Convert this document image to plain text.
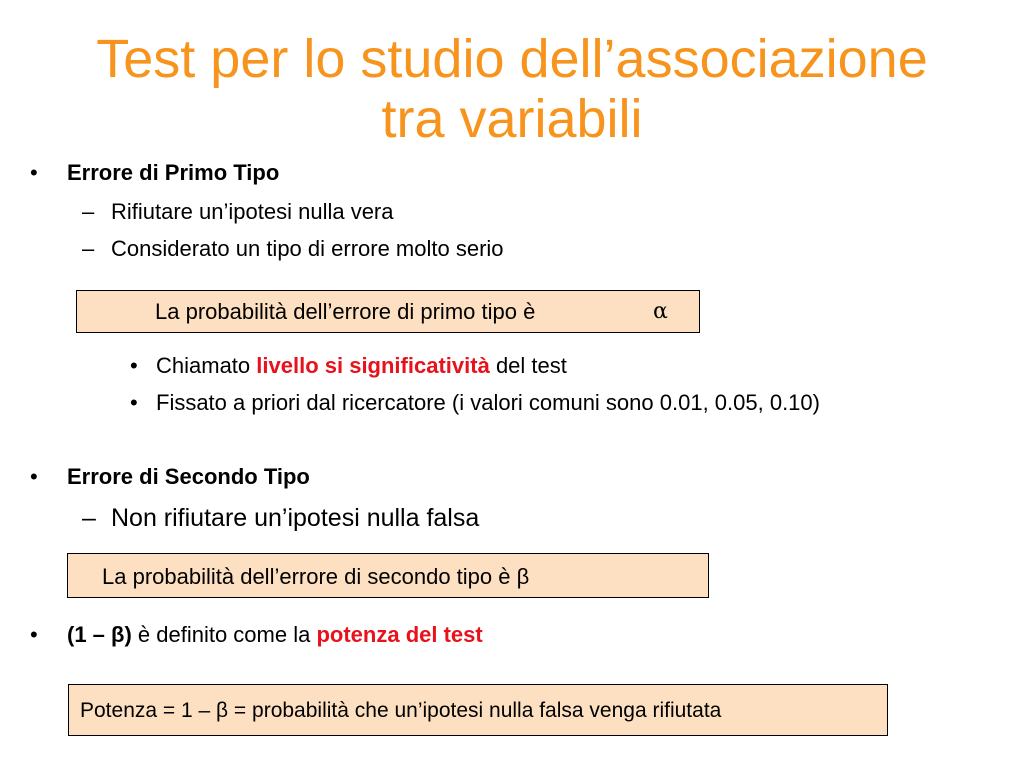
Test per lo studio dell’associazione
tra variabili
• Errore di Primo Tipo
– Rifiutare un’ipotesi nulla vera
– Considerato un tipo di errore molto serio
La probabilità dell’errore di primo tipo è	α
• Chiamato livello si significatività del test
• Fissato a priori dal ricercatore (i valori comuni sono 0.01, 0.05, 0.10)
• Errore di Secondo Tipo
– Non rifiutare un’ipotesi nulla falsa
La probabilità dell’errore di secondo tipo è β
• (1 – β) è definito come la potenza del test
Potenza = 1 – β = probabilità che un’ipotesi nulla falsa venga rifiutata
